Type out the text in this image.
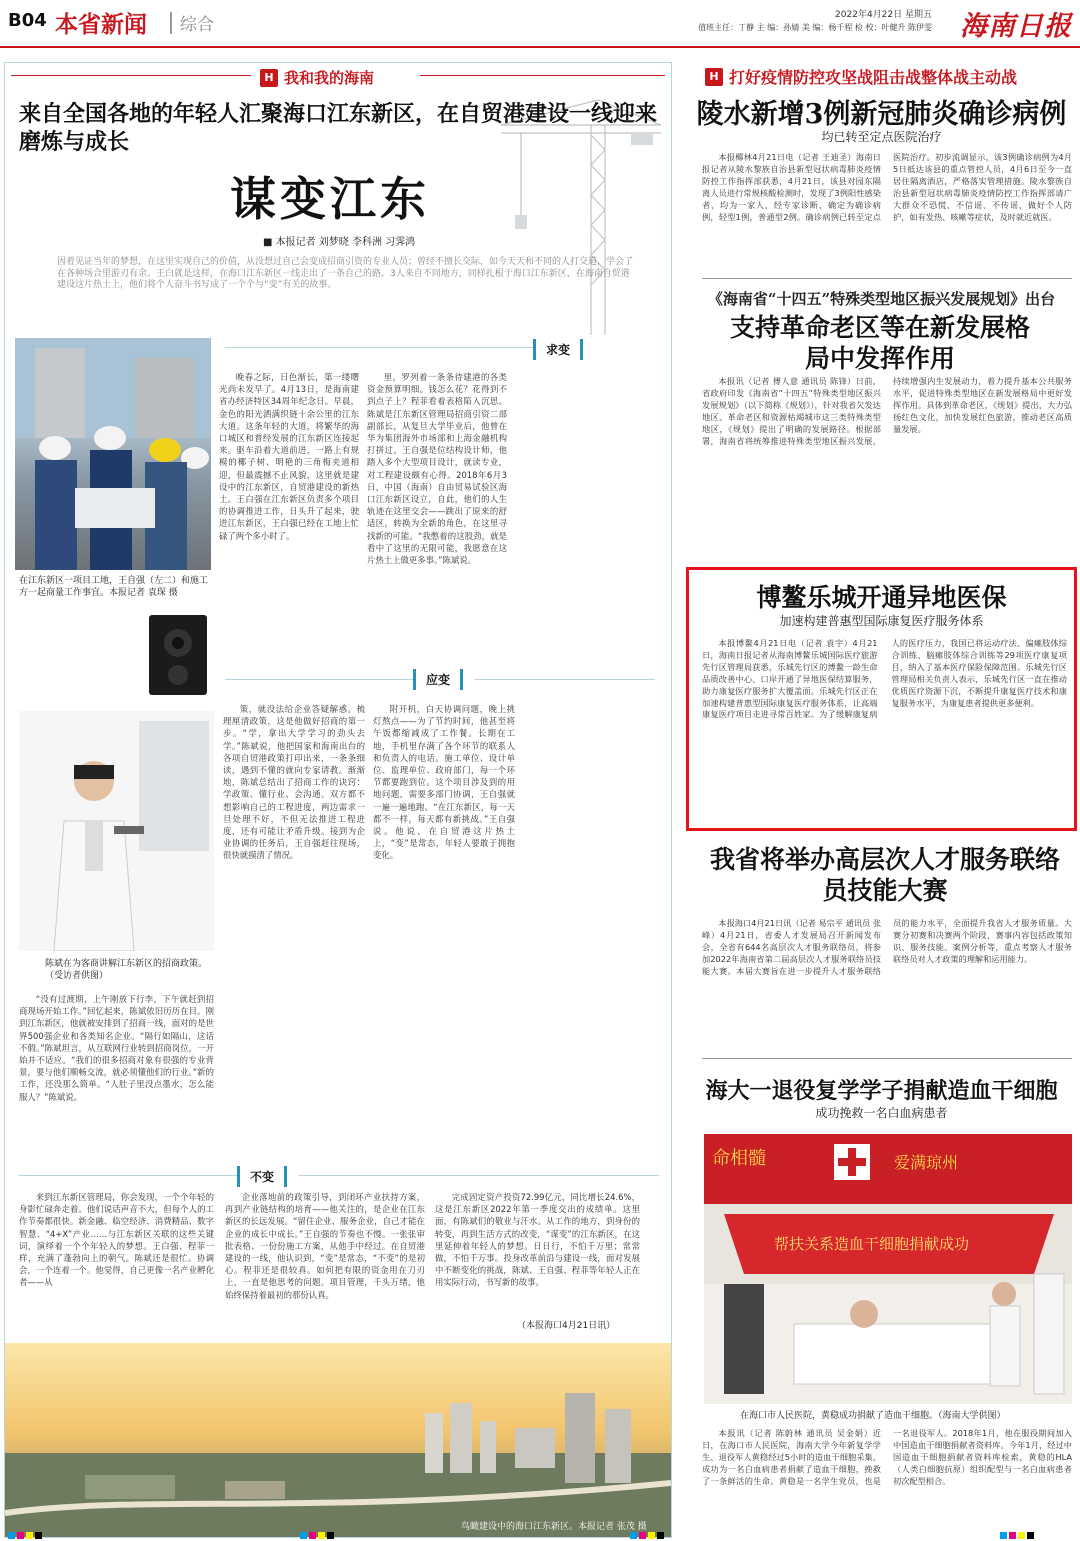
B04 本省新闻 综合	2022年4月22日 星期五
值班主任：丁静 主 编：孙婧 美 编：杨千程 检 校：叶健升 陈伊雯 海南日报
H 我和我的海南
来自全国各地的年轻人汇聚海口江东新区，在自贸港建设一线迎来磨炼与成长
谋变江东
■ 本报记者 刘梦晓 李科洲 习霁鸿
因着见证当年的梦想，在这里实现自己的价值，从没想过自己会变成招商引资的专业人员；曾经不擅长交际，如今天天和不同的人打交道，学会了在各种场合里游刃有余。王白就是这样，在海口江东新区一线走出了一条自己的路。3人来自不同地方，同样扎根于海口江东新区，在海南自贸港建设这片热土上，他们将个人奋斗书写成了一个个与“变”有关的故事。
求变
在江东新区一项目工地，王自强（左二）和施工方一起商量工作事宜。本报记者 袁琛 摄
应变
陈斌在为客商讲解江东新区的招商政策。（受访者供图）
不变

晚春之际，日色渐长，第一缕曙光尚未发早了。4月13日，是海南建省办经济特区34周年纪念日。早晨，金色的阳光洒满织链十余公里的江东大道。这条年轻的大道，将繁华的海口城区和普经发展的江东新区连接起来。驱车沿着大道前进，一路上有规模的椰子树、明艳的三角梅夹道相迎，但最震撼不止风貌，这里就是建设中的江东新区，自贸港建设的新热土。王白强在江东新区负责多个项目的协调推进工作，日头升了起来，驶进江东新区，王白强已经在工地上忙碌了两个多小时了。

里，罗列着一条条待建港的各类资金预算明细。钱怎么花？花得到不到点子上？程菲看着表格陷入沉思。陈斌是江东新区管理局招商引资二部副部长，从复旦大学毕业后，他曾在华为集团海外市场部和上海金融机构打拼过。王自强是位结构设计师，他踏入多个大型项目设计，就读专业，对工程建设颇有心得。2018年6月3日，中国（海南）自由贸易试验区海口江东新区设立，自此，他们的人生轨迹在这里交会——跳出了原来的舒适区，转换为全新的角色，在这里寻找新的可能。“我憋着的这股劲，就是看中了这里的无限可能，我愿意在这片热土上做更多事。”陈斌说。

策，就没法给企业答疑解惑。梳理厘清政策，这是他做好招商的第一步。“学，拿出大学学习的劲头去学。”陈斌说，他把国家和海南出台的各项自贸港政策打印出来，一条条细读，遇到不懂的就向专家请教。渐渐地，陈斌总结出了招商工作的诀窍：学政策、懂行业、会沟通。双方都不想影响自己的工程进度，两边需求一旦处理不好，不但无法推进工程进度，还有可能让矛盾升级。接到为企业协调的任务后，王自强赶往现场，很快就摸清了情况。

附开机，白天协调问题，晚上挑灯熬点——为了节约时间，他甚至将午饭都缩减成了工作餐。长期在工地，手机里存满了各个环节的联系人和负责人的电话。施工单位、设计单位、监理单位、政府部门，每一个环节都要跑到位。这个项目涉及到的用地问题，需要多部门协调，王自强就一遍一遍地跑。“在江东新区，每一天都不一样，每天都有新挑战。”王自强说。他说，在自贸港这片热土上，“变”是常态，年轻人要敢于拥抱变化。

“没有过渡期，上午刚放下行李，下午就赶到招商现场开始工作。”回忆起来，陈斌依旧历历在目。刚到江东新区，他就被安排到了招商一线，面对的是世界500强企业和各类知名企业。“隔行如隔山，这话不假。”陈斌坦言，从互联网行业转到招商岗位，一开始并不适应。“我们的很多招商对象有很强的专业背景，要与他们顺畅交流，就必须懂他们的行业。”新的工作，还没那么简单。“人肚子里没点墨水，怎么能服人？”陈斌说。

来到江东新区管理局，你会发现，一个个年轻的身影忙碌奔走着。他们说话声音不大，但每个人的工作节奏都很快。新金融、临空经济、消费精品、数字智慧、“4+X”产业……与江东新区关联的这些关键词，演绎着一个个年轻人的梦想。王白强、程菲一样，充满了蓬勃向上的朝气。陈斌还是很忙。协调会，一个连着一个。他觉得，自己更像一名产业孵化者——从

企业落地前的政策引导，到闭环产业扶持方案，再到产业链结构的培育——他关注的，是企业在江东新区的长远发展。“留住企业、服务企业，自己才能在企业的成长中成长。”王自强的节奏也不慢。一张张审批表格、一份份施工方案，从他手中经过。在自贸港建设的一线，他认识到，“变”是常态，“不变”的是初心。程菲还是很较真。如何把有限的资金用在刀刃上，一直是他思考的问题。项目管理，千头万绪，他始终保持着最初的那份认真。

完成固定资产投资72.99亿元，同比增长24.6%，这是江东新区2022年第一季度交出的成绩单。这里面，有陈斌们的敬业与汗水。从工作的地方，到身份的转变，再到生活方式的改变，“谋变”的江东新区，在这里延伸着年轻人的梦想。日日行，不怕千万里；常常做，不怕千万事。投身改革前沿与建设一线，面对发展中不断变化的挑战，陈斌、王自强、程菲等年轻人正在用实际行动，书写新的故事。

（本报海口4月21日讯）
鸟瞰建设中的海口江东新区。本报记者 张茂 摄
H 打好疫情防控攻坚战阻击战整体战主动战
陵水新增3例新冠肺炎确诊病例
均已转至定点医院治疗

本报椰林4月21日电（记者 王迪圣）海南日报记者从陵水黎族自治县新型冠状病毒肺炎疫情防控工作指挥部获悉，4月21日，该县对园东隔离人员进行常规核酸检测时，发现了3例阳性感染者，均为一家人，经专家诊断，确定为确诊病例，轻型1例，普通型2例。确诊病例已转至定点医院治疗。初步流调显示，该3例确诊病例为4月5日抵达该县的重点管控人员，4月6日至今一直居住隔离酒店，严格落实管理措施。陵水黎族自治县新型冠状病毒肺炎疫情防控工作指挥部请广大群众不恐慌、不信谣、不传谣，做好个人防护，如有发热、咳嗽等症状，及时就近就医。

《海南省“十四五”特殊类型地区振兴发展规划》出台
支持革命老区等在新发展格局中发挥作用

本报讯（记者 傅人意 通讯员 陈锋）日前，省政府印发《海南省“十四五”特殊类型地区振兴发展规划》（以下简称《规划》），针对我省欠发达地区、革命老区和资源枯竭城市这三类特殊类型地区，《规划》提出了明确的发展路径。根据部署，海南省将统筹推进特殊类型地区振兴发展，持续增强内生发展动力，着力提升基本公共服务水平，促进特殊类型地区在新发展格局中更好发挥作用。具体到革命老区，《规划》提出，大力弘扬红色文化，加快发展红色旅游，推动老区高质量发展。

博鳌乐城开通异地医保
加速构建普惠型国际康复医疗服务体系

本报博鳌4月21日电（记者 袁宇）4月21日，海南日报记者从海南博鳌乐城国际医疗旅游先行区管理局获悉，乐城先行区的博鳌一龄生命品质改善中心、口岸开通了异地医保结算服务，助力康复医疗服务扩大覆盖面。乐城先行区正在加速构建普惠型国际康复医疗服务体系，让高端康复医疗项目走进寻常百姓家。为了缓解康复病人的医疗压力，我国已将运动疗法、偏瘫肢体综合训练、脑瘫肢体综合训练等29项医疗康复项目，纳入了基本医疗保险保障范围。乐城先行区管理局相关负责人表示，乐城先行区一直在推动优质医疗资源下沉，不断提升康复医疗技术和康复服务水平，为康复患者提供更多便利。

我省将举办高层次人才服务联络员技能大赛

本报海口4月21日讯（记者 易宗平 通讯员 张峰）4月21日，省委人才发展局召开新闻发布会，全省有644名高层次人才服务联络员，将参加2022年海南省第二届高层次人才服务联络员技能大赛。本届大赛旨在进一步提升人才服务联络员的能力水平，全面提升我省人才服务质量。大赛分初赛和决赛两个阶段，赛事内容包括政策知识、服务技能、案例分析等，重点考察人才服务联络员对人才政策的理解和运用能力。

海大一退役复学学子捐献造血干细胞
成功挽救一名白血病患者
命相髓	爱满琼州
帮扶关系造血干细胞捐献成功
在海口市人民医院，黄稳成功捐献了造血干细胞。（海南大学供图）

本报讯（记者 陈蔚林 通讯员 吴金娟）近日，在海口市人民医院，海南大学今年新复学学生、退役军人黄稳经过5小时的造血干细胞采集，成功为一名白血病患者捐献了造血干细胞，挽救了一条鲜活的生命。黄稳是一名学生党员，也是一名退役军人。2018年1月，他在服役期间加入中国造血干细胞捐献者资料库。今年1月，经过中国造血干细胞捐献者资料库检索，黄稳的HLA（人类白细胞抗原）组织配型与一名白血病患者初次配型相合。
